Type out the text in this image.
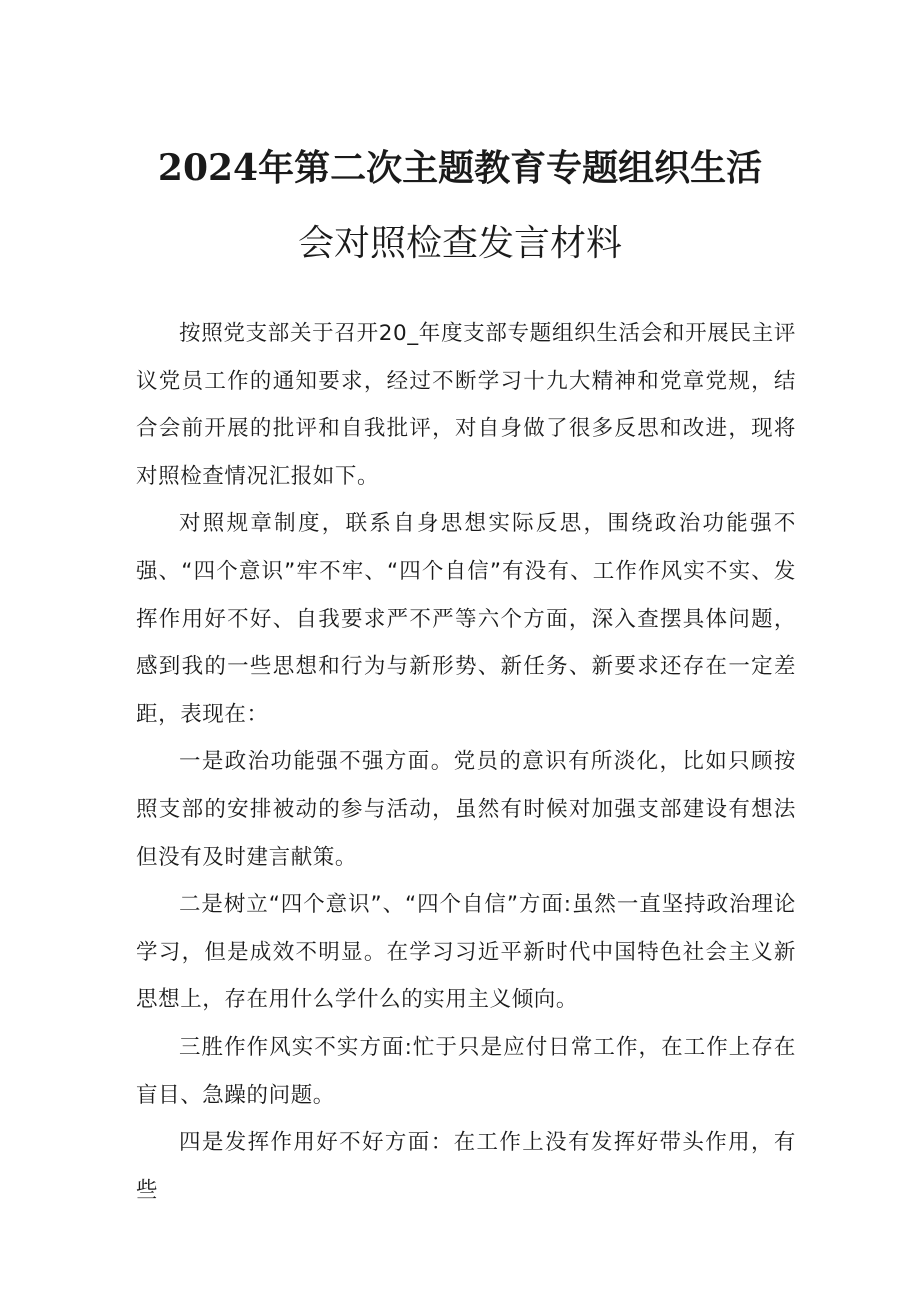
2024年第二次主题教育专题组织生活
会对照检查发言材料

按照党支部关于召开20_年度支部专题组织生活会和开展民主评议党员工作的通知要求，经过不断学习十九大精神和党章党规，结合会前开展的批评和自我批评，对自身做了很多反思和改进，现将对照检查情况汇报如下。

对照规章制度，联系自身思想实际反思，围绕政治功能强不强、“四个意识”牢不牢、“四个自信”有没有、工作作风实不实、发挥作用好不好、自我要求严不严等六个方面，深入查摆具体问题，感到我的一些思想和行为与新形势、新任务、新要求还存在一定差距，表现在：

一是政治功能强不强方面。党员的意识有所淡化，比如只顾按照支部的安排被动的参与活动，虽然有时候对加强支部建设有想法但没有及时建言献策。

二是树立“四个意识”、“四个自信”方面:虽然一直坚持政治理论学习，但是成效不明显。在学习习近平新时代中国特色社会主义新思想上，存在用什么学什么的实用主义倾向。

三胜作作风实不实方面:忙于只是应付日常工作，在工作上存在盲目、急躁的问题。

四是发挥作用好不好方面：在工作上没有发挥好带头作用，有些
